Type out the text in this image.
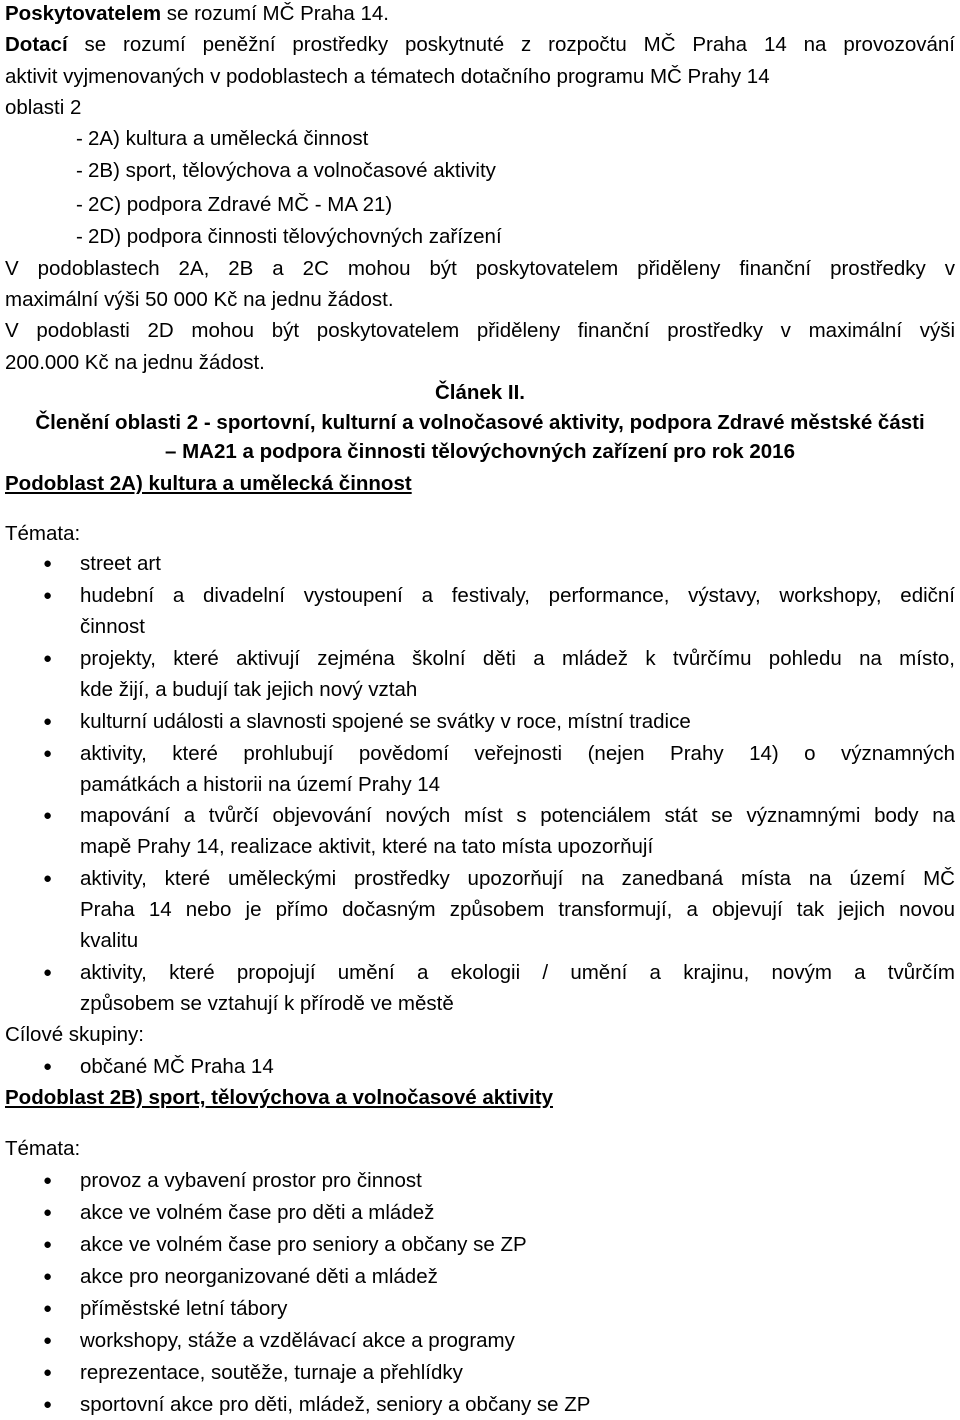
Poskytovatelem se rozumí MČ Praha 14.
Dotací se rozumí peněžní prostředky poskytnuté z rozpočtu MČ Praha 14 na provozování
aktivit vyjmenovaných v podoblastech a tématech dotačního programu MČ Prahy 14
oblasti 2
- 2A) kultura a umělecká činnost
- 2B) sport, tělovýchova a volnočasové aktivity
- 2C) podpora Zdravé MČ - MA 21)
- 2D) podpora činnosti tělovýchovných zařízení
V podoblastech 2A, 2B a 2C mohou být poskytovatelem přiděleny finanční prostředky v
maximální výši 50 000 Kč na jednu žádost.
V podoblasti 2D mohou být poskytovatelem přiděleny finanční prostředky v maximální výši
200.000 Kč na jednu žádost.
Článek II.
Členění oblasti 2 - sportovní, kulturní a volnočasové aktivity, podpora Zdravé městské části
– MA21 a podpora činnosti tělovýchovných zařízení pro rok 2016
Podoblast 2A) kultura a umělecká činnost
Témata:
● street art
● hudební a divadelní vystoupení a festivaly, performance, výstavy, workshopy, ediční
činnost
● projekty, které aktivují zejména školní děti a mládež k tvůrčímu pohledu na místo,
kde žijí, a budují tak jejich nový vztah
● kulturní události a slavnosti spojené se svátky v roce, místní tradice
● aktivity, které prohlubují povědomí veřejnosti (nejen Prahy 14) o významných
památkách a historii na území Prahy 14
● mapování a tvůrčí objevování nových míst s potenciálem stát se významnými body na
mapě Prahy 14, realizace aktivit, které na tato místa upozorňují
● aktivity, které uměleckými prostředky upozorňují na zanedbaná místa na území MČ
Praha 14 nebo je přímo dočasným způsobem transformují, a objevují tak jejich novou
kvalitu
● aktivity, které propojují umění a ekologii / umění a krajinu, novým a tvůrčím
způsobem se vztahují k přírodě ve městě
Cílové skupiny:
● občané MČ Praha 14
Podoblast 2B) sport, tělovýchova a volnočasové aktivity
Témata:
● provoz a vybavení prostor pro činnost
● akce ve volném čase pro děti a mládež
● akce ve volném čase pro seniory a občany se ZP
● akce pro neorganizované děti a mládež
● příměstské letní tábory
● workshopy, stáže a vzdělávací akce a programy
● reprezentace, soutěže, turnaje a přehlídky
● sportovní akce pro děti, mládež, seniory a občany se ZP
